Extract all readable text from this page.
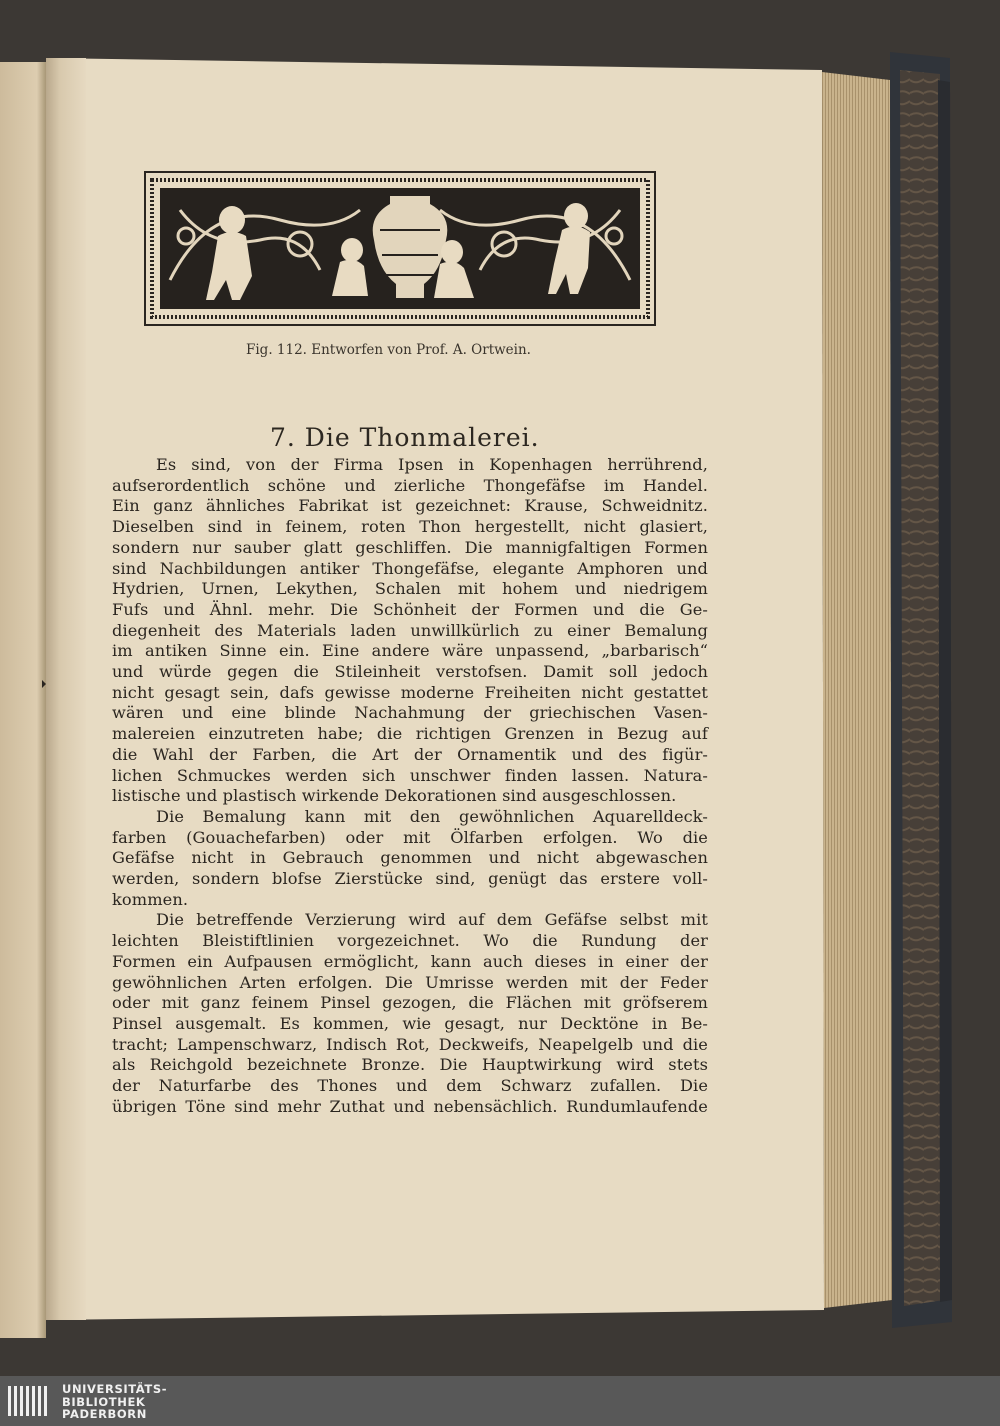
Fig. 112. Entworfen von Prof. A. Ortwein.
7. Die Thonmalerei.

Es sind, von der Firma Ipsen in Kopenhagen herrührend,
aufserordentlich schöne und zierliche Thongefäfse im Handel.
Ein ganz ähnliches Fabrikat ist gezeichnet: Krause, Schweidnitz.
Dieselben sind in feinem, roten Thon hergestellt, nicht glasiert,
sondern nur sauber glatt geschliffen. Die mannigfaltigen Formen
sind Nachbildungen antiker Thongefäfse, elegante Amphoren und
Hydrien, Urnen, Lekythen, Schalen mit hohem und niedrigem
Fufs und Ähnl. mehr. Die Schönheit der Formen und die Ge-
diegenheit des Materials laden unwillkürlich zu einer Bemalung
im antiken Sinne ein. Eine andere wäre unpassend, „barbarisch“
und würde gegen die Stileinheit verstofsen. Damit soll jedoch
nicht gesagt sein, dafs gewisse moderne Freiheiten nicht gestattet
wären und eine blinde Nachahmung der griechischen Vasen-
malereien einzutreten habe; die richtigen Grenzen in Bezug auf
die Wahl der Farben, die Art der Ornamentik und des figür-
lichen Schmuckes werden sich unschwer finden lassen. Natura-
listische und plastisch wirkende Dekorationen sind ausgeschlossen.

Die Bemalung kann mit den gewöhnlichen Aquarelldeck-
farben (Gouachefarben) oder mit Ölfarben erfolgen. Wo die
Gefäfse nicht in Gebrauch genommen und nicht abgewaschen
werden, sondern blofse Zierstücke sind, genügt das erstere voll-
kommen.

Die betreffende Verzierung wird auf dem Gefäfse selbst mit
leichten Bleistiftlinien vorgezeichnet. Wo die Rundung der
Formen ein Aufpausen ermöglicht, kann auch dieses in einer der
gewöhnlichen Arten erfolgen. Die Umrisse werden mit der Feder
oder mit ganz feinem Pinsel gezogen, die Flächen mit gröfserem
Pinsel ausgemalt. Es kommen, wie gesagt, nur Decktöne in Be-
tracht; Lampenschwarz, Indisch Rot, Deckweifs, Neapelgelb und die
als Reichgold bezeichnete Bronze. Die Hauptwirkung wird stets
der Naturfarbe des Thones und dem Schwarz zufallen. Die
übrigen Töne sind mehr Zuthat und nebensächlich. Rundumlaufende

UNIVERSITÄTS-
BIBLIOTHEK
PADERBORN
